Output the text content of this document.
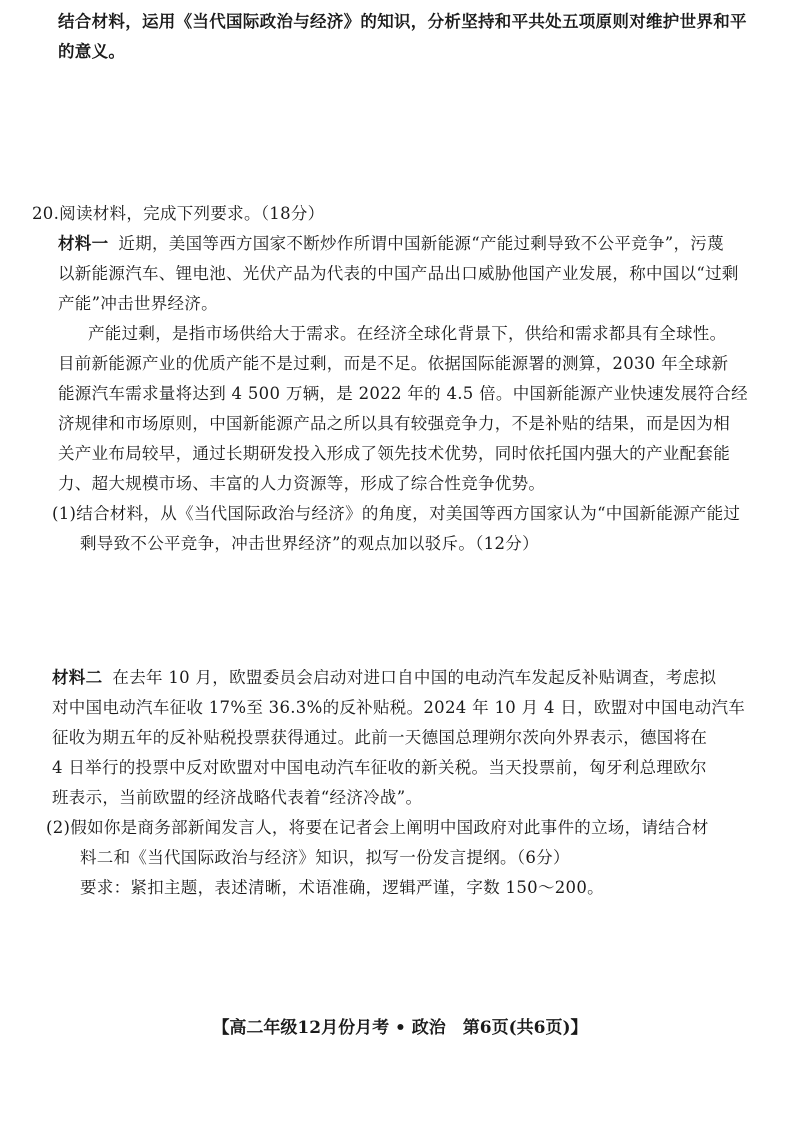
结合材料，运用《当代国际政治与经济》的知识，分析坚持和平共处五项原则对维护世界和平
的意义。
20.阅读材料，完成下列要求。（18分）
材料一 近期，美国等西方国家不断炒作所谓中国新能源“产能过剩导致不公平竞争”，污蔑
以新能源汽车、锂电池、光伏产品为代表的中国产品出口威胁他国产业发展，称中国以“过剩
产能”冲击世界经济。
产能过剩，是指市场供给大于需求。在经济全球化背景下，供给和需求都具有全球性。
目前新能源产业的优质产能不是过剩，而是不足。依据国际能源署的测算，2030 年全球新
能源汽车需求量将达到 4 500 万辆，是 2022 年的 4.5 倍。中国新能源产业快速发展符合经
济规律和市场原则，中国新能源产品之所以具有较强竞争力，不是补贴的结果，而是因为相
关产业布局较早，通过长期研发投入形成了领先技术优势，同时依托国内强大的产业配套能
力、超大规模市场、丰富的人力资源等，形成了综合性竞争优势。
(1)结合材料，从《当代国际政治与经济》的角度，对美国等西方国家认为“中国新能源产能过
剩导致不公平竞争，冲击世界经济”的观点加以驳斥。（12分）
材料二 在去年 10 月，欧盟委员会启动对进口自中国的电动汽车发起反补贴调查，考虑拟
对中国电动汽车征收 17%至 36.3%的反补贴税。2024 年 10 月 4 日，欧盟对中国电动汽车
征收为期五年的反补贴税投票获得通过。此前一天德国总理朔尔茨向外界表示，德国将在
4 日举行的投票中反对欧盟对中国电动汽车征收的新关税。当天投票前，匈牙利总理欧尔
班表示，当前欧盟的经济战略代表着“经济冷战”。
(2)假如你是商务部新闻发言人，将要在记者会上阐明中国政府对此事件的立场，请结合材
料二和《当代国际政治与经济》知识，拟写一份发言提纲。（6分）
要求：紧扣主题，表述清晰，术语准确，逻辑严谨，字数 150～200。
【高二年级12月份月考 • 政治　第6页(共6页)】
